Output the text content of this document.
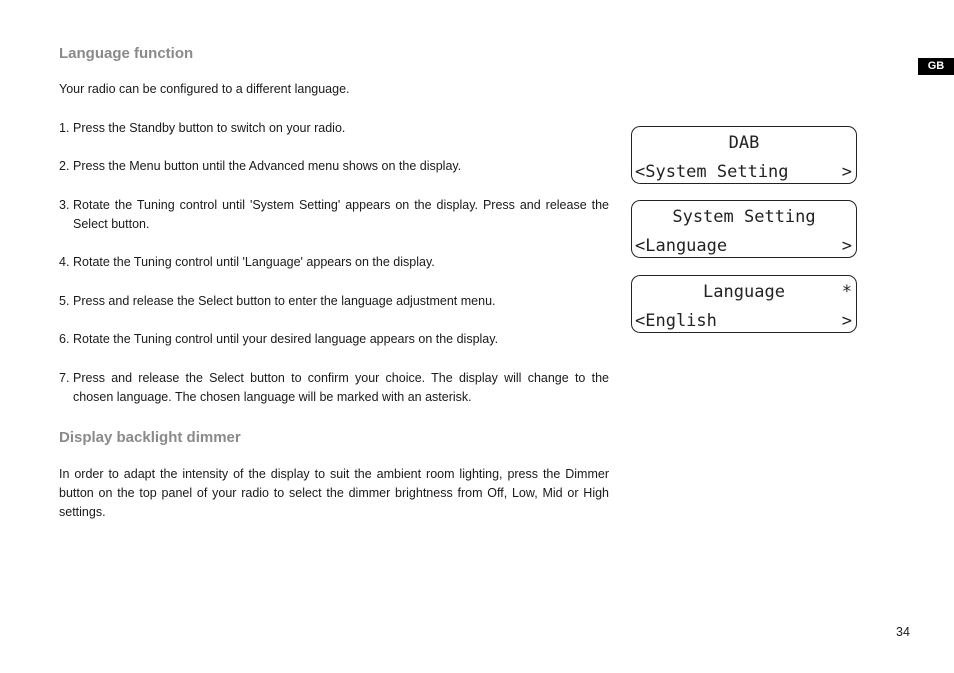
GB
Language function
Your radio can be configured to a different language.
1. Press the Standby button to switch on your radio.
2. Press the Menu button until the Advanced menu shows on the display.
3. Rotate the Tuning control until 'System Setting' appears on the display. Press and release the Select button.
4. Rotate the Tuning control until 'Language' appears on the display.
5. Press and release the Select button to enter the language adjustment menu.
6. Rotate the Tuning control until your desired language appears on the display.
7. Press and release the Select button to confirm your choice. The display will change to the chosen language. The chosen language will be marked with an asterisk.
Display backlight dimmer
In order to adapt the intensity of the display to suit the ambient room lighting, press the Dimmer button on the top panel of your radio to select the dimmer brightness from Off, Low, Mid or High settings.
DAB
<System Setting	>
System Setting
<Language	>
Language	*
<English	>
34
